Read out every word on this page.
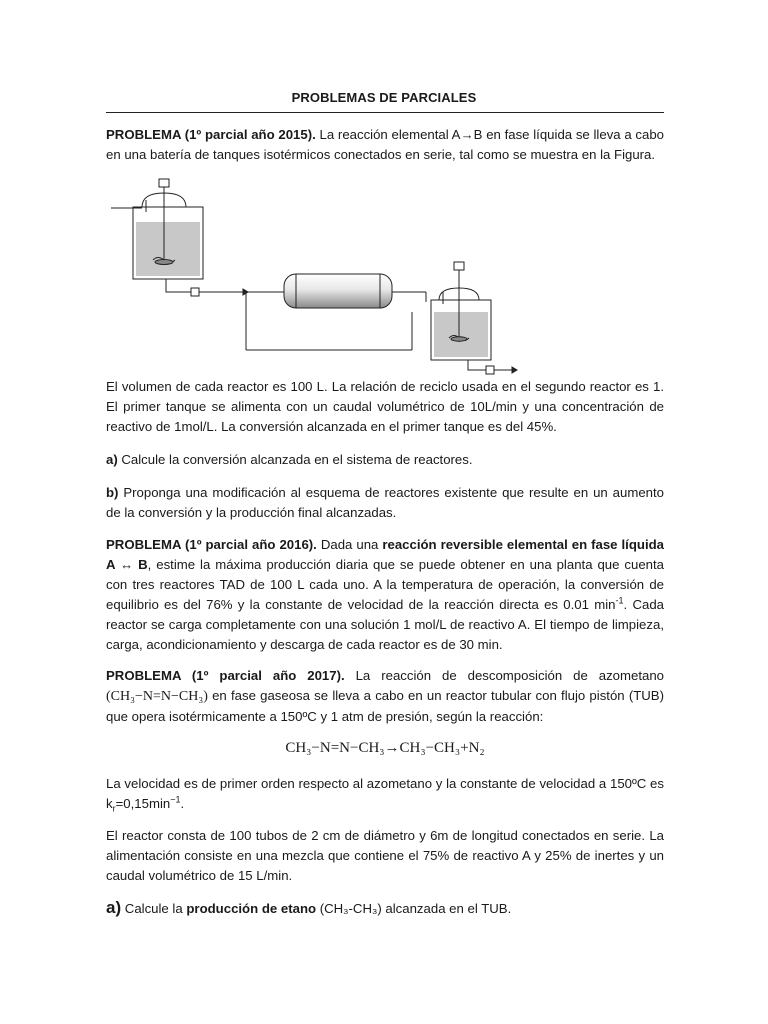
PROBLEMAS DE PARCIALES

PROBLEMA (1º parcial año 2015). La reacción elemental A→B en fase líquida se lleva a cabo en una batería de tanques isotérmicos conectados en serie, tal como se muestra en la Figura.

El volumen de cada reactor es 100 L. La relación de reciclo usada en el segundo reactor es 1. El primer tanque se alimenta con un caudal volumétrico de 10L/min y una concentración de reactivo de 1mol/L. La conversión alcanzada en el primer tanque es del 45%.

a) Calcule la conversión alcanzada en el sistema de reactores.

b) Proponga una modificación al esquema de reactores existente que resulte en un aumento de la conversión y la producción final alcanzadas.

PROBLEMA (1º parcial año 2016). Dada una reacción reversible elemental en fase líquida A ↔ B, estime la máxima producción diaria que se puede obtener en una planta que cuenta con tres reactores TAD de 100 L cada uno. A la temperatura de operación, la conversión de equilibrio es del 76% y la constante de velocidad de la reacción directa es 0.01 $\min^{-1}$. Cada reactor se carga completamente con una solución 1 mol/L de reactivo A. El tiempo de limpieza, carga, acondicionamiento y descarga de cada reactor es de 30 min.

PROBLEMA (1º parcial año 2017). La reacción de descomposición de azometano (CH₃−N=N−CH₃) en fase gaseosa se lleva a cabo en un reactor tubular con flujo pistón (TUB) que opera isotérmicamente a 150ºC y 1 atm de presión, según la reacción:

CH₃−N=N−CH₃→CH₃−CH₃+N₂

La velocidad es de primer orden respecto al azometano y la constante de velocidad a 150ºC es $k_r=0,15\min^{-1}$.

El reactor consta de 100 tubos de 2 cm de diámetro y 6m de longitud conectados en serie. La alimentación consiste en una mezcla que contiene el 75% de reactivo A y 25% de inertes y un caudal volumétrico de 15 L/min.

a) Calcule la producción de etano (CH₃-CH₃) alcanzada en el TUB.
